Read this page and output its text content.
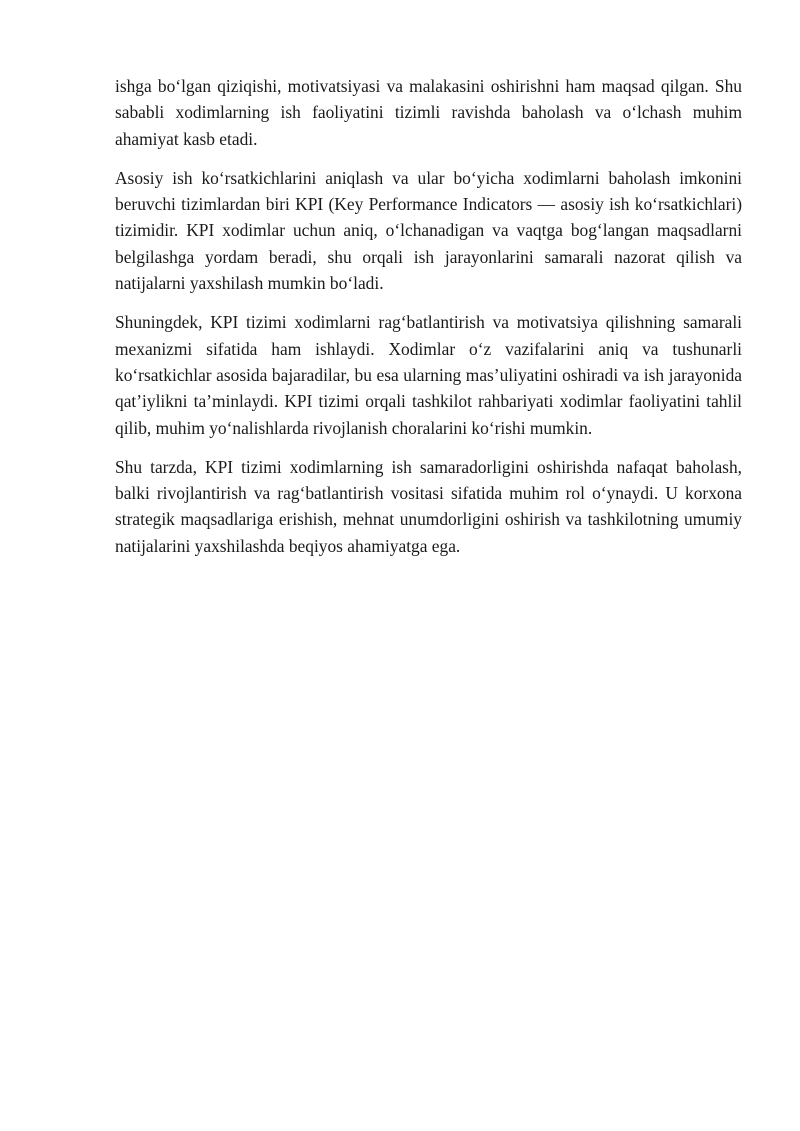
ishga bo‘lgan qiziqishi, motivatsiyasi va malakasini oshirishni ham maqsad qilgan. Shu sababli xodimlarning ish faoliyatini tizimli ravishda baholash va o‘lchash muhim ahamiyat kasb etadi.

Asosiy ish ko‘rsatkichlarini aniqlash va ular bo‘yicha xodimlarni baholash imkonini beruvchi tizimlardan biri KPI (Key Performance Indicators — asosiy ish ko‘rsatkichlari) tizimidir. KPI xodimlar uchun aniq, o‘lchanadigan va vaqtga bog‘langan maqsadlarni belgilashga yordam beradi, shu orqali ish jarayonlarini samarali nazorat qilish va natijalarni yaxshilash mumkin bo‘ladi.

Shuningdek, KPI tizimi xodimlarni rag‘batlantirish va motivatsiya qilishning samarali mexanizmi sifatida ham ishlaydi. Xodimlar o‘z vazifalarini aniq va tushunarli ko‘rsatkichlar asosida bajaradilar, bu esa ularning mas’uliyatini oshiradi va ish jarayonida qat’iylikni ta’minlaydi. KPI tizimi orqali tashkilot rahbariyati xodimlar faoliyatini tahlil qilib, muhim yo‘nalishlarda rivojlanish choralarini ko‘rishi mumkin.

Shu tarzda, KPI tizimi xodimlarning ish samaradorligini oshirishda nafaqat baholash, balki rivojlantirish va rag‘batlantirish vositasi sifatida muhim rol o‘ynaydi. U korxona strategik maqsadlariga erishish, mehnat unumdorligini oshirish va tashkilotning umumiy natijalarini yaxshilashda beqiyos ahamiyatga ega.
